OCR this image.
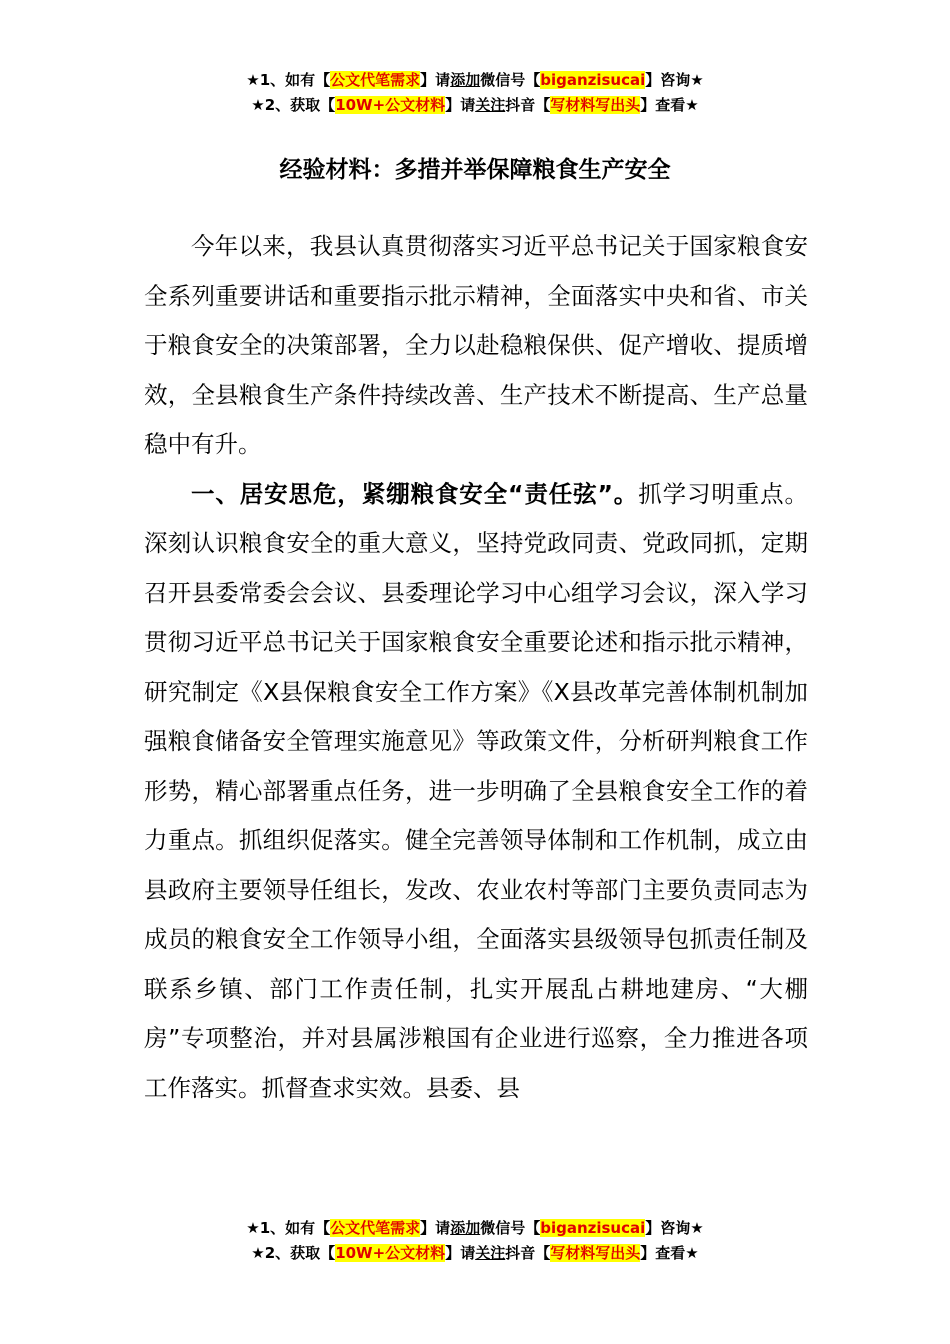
★1、如有【公文代笔需求】请添加微信号【biganzisucai】咨询★
★2、获取【10W+公文材料】请关注抖音【写材料写出头】查看★
经验材料：多措并举保障粮食生产安全

今年以来，我县认真贯彻落实习近平总书记关于国家粮食安全系列重要讲话和重要指示批示精神，全面落实中央和省、市关于粮食安全的决策部署，全力以赴稳粮保供、促产增收、提质增效，全县粮食生产条件持续改善、生产技术不断提高、生产总量稳中有升。

一、居安思危，紧绷粮食安全“责任弦”。抓学习明重点。深刻认识粮食安全的重大意义，坚持党政同责、党政同抓，定期召开县委常委会会议、县委理论学习中心组学习会议，深入学习贯彻习近平总书记关于国家粮食安全重要论述和指示批示精神，研究制定《X县保粮食安全工作方案》《X县改革完善体制机制加强粮食储备安全管理实施意见》等政策文件，分析研判粮食工作形势，精心部署重点任务，进一步明确了全县粮食安全工作的着力重点。抓组织促落实。健全完善领导体制和工作机制，成立由县政府主要领导任组长，发改、农业农村等部门主要负责同志为成员的粮食安全工作领导小组，全面落实县级领导包抓责任制及联系乡镇、部门工作责任制，扎实开展乱占耕地建房、“大棚房”专项整治，并对县属涉粮国有企业进行巡察，全力推进各项工作落实。抓督查求实效。县委、县

★1、如有【公文代笔需求】请添加微信号【biganzisucai】咨询★
★2、获取【10W+公文材料】请关注抖音【写材料写出头】查看★
